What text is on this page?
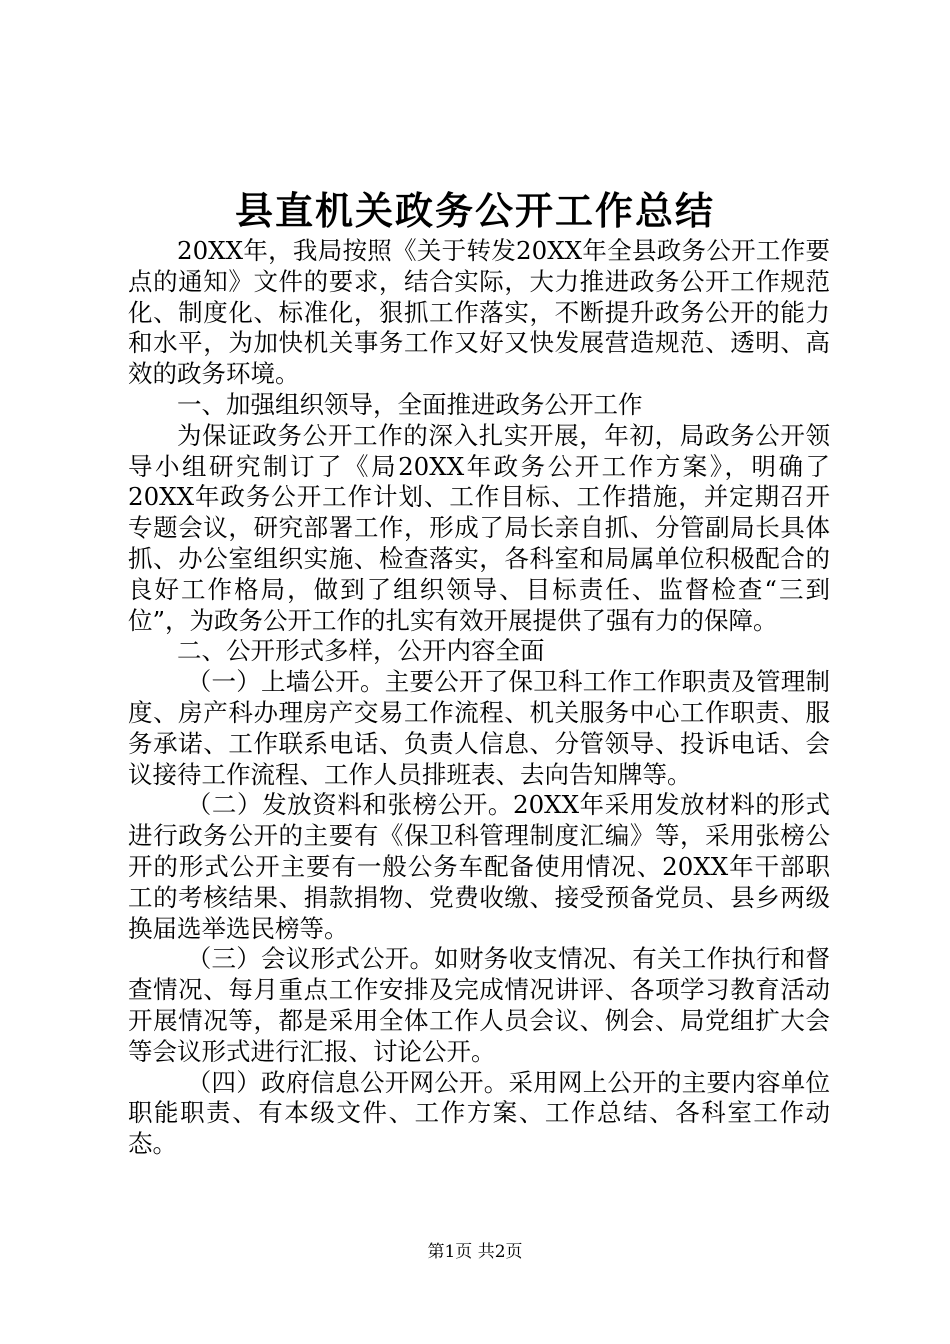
县直机关政务公开工作总结

20XX年，我局按照《关于转发20XX年全县政务公开工作要点的通知》文件的要求，结合实际，大力推进政务公开工作规范化、制度化、标准化，狠抓工作落实，不断提升政务公开的能力和水平，为加快机关事务工作又好又快发展营造规范、透明、高效的政务环境。

一、加强组织领导，全面推进政务公开工作

为保证政务公开工作的深入扎实开展，年初，局政务公开领导小组研究制订了《局20XX年政务公开工作方案》，明确了20XX年政务公开工作计划、工作目标、工作措施，并定期召开专题会议，研究部署工作，形成了局长亲自抓、分管副局长具体抓、办公室组织实施、检查落实，各科室和局属单位积极配合的良好工作格局，做到了组织领导、目标责任、监督检查“三到位”，为政务公开工作的扎实有效开展提供了强有力的保障。

二、公开形式多样，公开内容全面

（一）上墙公开。主要公开了保卫科工作工作职责及管理制度、房产科办理房产交易工作流程、机关服务中心工作职责、服务承诺、工作联系电话、负责人信息、分管领导、投诉电话、会议接待工作流程、工作人员排班表、去向告知牌等。

（二）发放资料和张榜公开。20XX年采用发放材料的形式进行政务公开的主要有《保卫科管理制度汇编》等，采用张榜公开的形式公开主要有一般公务车配备使用情况、20XX年干部职工的考核结果、捐款捐物、党费收缴、接受预备党员、县乡两级换届选举选民榜等。

（三）会议形式公开。如财务收支情况、有关工作执行和督查情况、每月重点工作安排及完成情况讲评、各项学习教育活动开展情况等，都是采用全体工作人员会议、例会、局党组扩大会等会议形式进行汇报、讨论公开。

（四）政府信息公开网公开。采用网上公开的主要内容单位职能职责、有本级文件、工作方案、工作总结、各科室工作动态。

第1页 共2页
